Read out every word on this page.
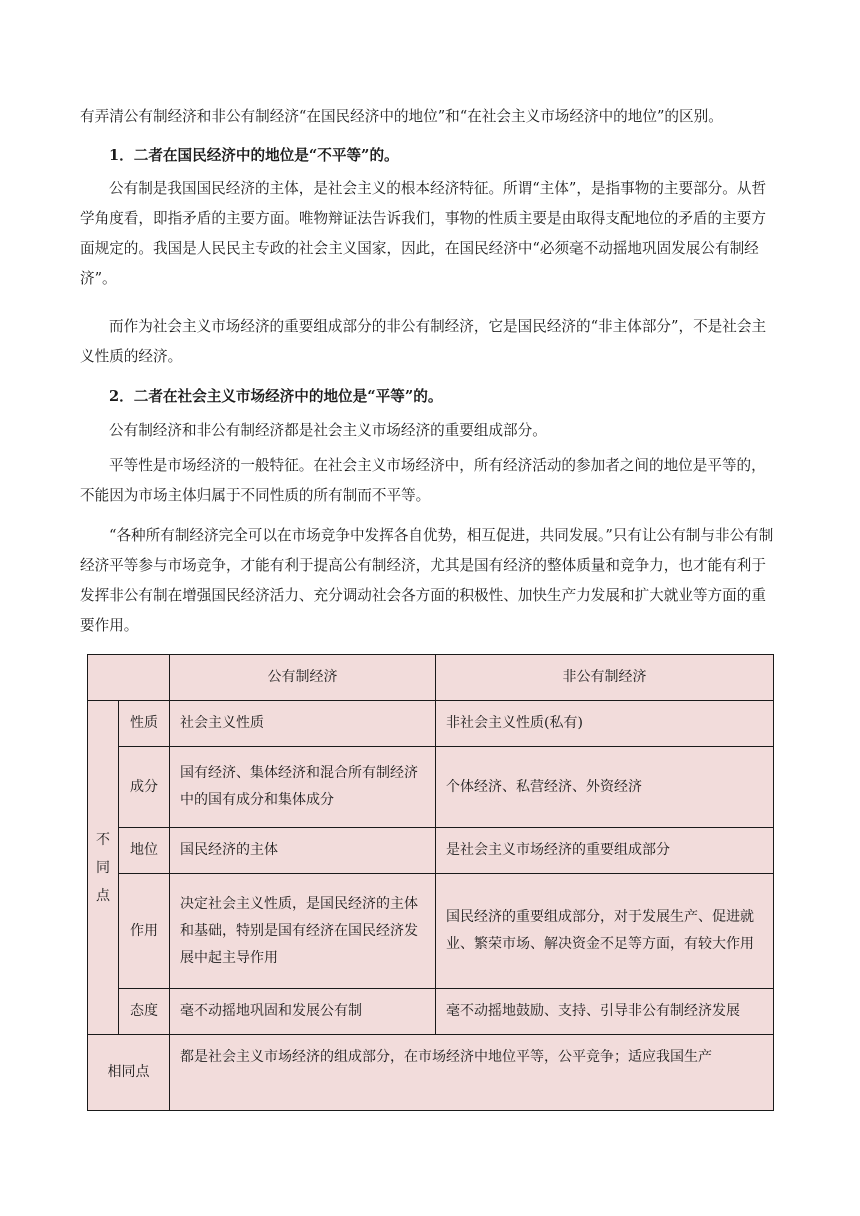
有弄清公有制经济和非公有制经济“在国民经济中的地位”和“在社会主义市场经济中的地位”的区别。

1．二者在国民经济中的地位是“不平等”的。

公有制是我国国民经济的主体，是社会主义的根本经济特征。所谓“主体”，是指事物的主要部分。从哲学角度看，即指矛盾的主要方面。唯物辩证法告诉我们，事物的性质主要是由取得支配地位的矛盾的主要方面规定的。我国是人民民主专政的社会主义国家，因此，在国民经济中“必须毫不动摇地巩固发展公有制经济”。

而作为社会主义市场经济的重要组成部分的非公有制经济，它是国民经济的“非主体部分”，不是社会主义性质的经济。

2．二者在社会主义市场经济中的地位是“平等”的。

公有制经济和非公有制经济都是社会主义市场经济的重要组成部分。

平等性是市场经济的一般特征。在社会主义市场经济中，所有经济活动的参加者之间的地位是平等的，不能因为市场主体归属于不同性质的所有制而不平等。

“各种所有制经济完全可以在市场竞争中发挥各自优势，相互促进，共同发展。”只有让公有制与非公有制经济平等参与市场竞争，才能有利于提高公有制经济，尤其是国有经济的整体质量和竞争力，也才能有利于发挥非公有制在增强国民经济活力、充分调动社会各方面的积极性、加快生产力发展和扩大就业等方面的重要作用。

		公有制经济	非公有制经济

不
同
点	性质	社会主义性质	非社会主义性质(私有)
	成分	国有经济、集体经济和混合所有制经济中的国有成分和集体成分	个体经济、私营经济、外资经济
	地位	国民经济的主体	是社会主义市场经济的重要组成部分
	作用	决定社会主义性质，是国民经济的主体和基础，特别是国有经济在国民经济发展中起主导作用	国民经济的重要组成部分，对于发展生产、促进就业、繁荣市场、解决资金不足等方面，有较大作用
	态度	毫不动摇地巩固和发展公有制	毫不动摇地鼓励、支持、引导非公有制经济发展
相同点		都是社会主义市场经济的组成部分，在市场经济中地位平等，公平竞争；适应我国生产	
